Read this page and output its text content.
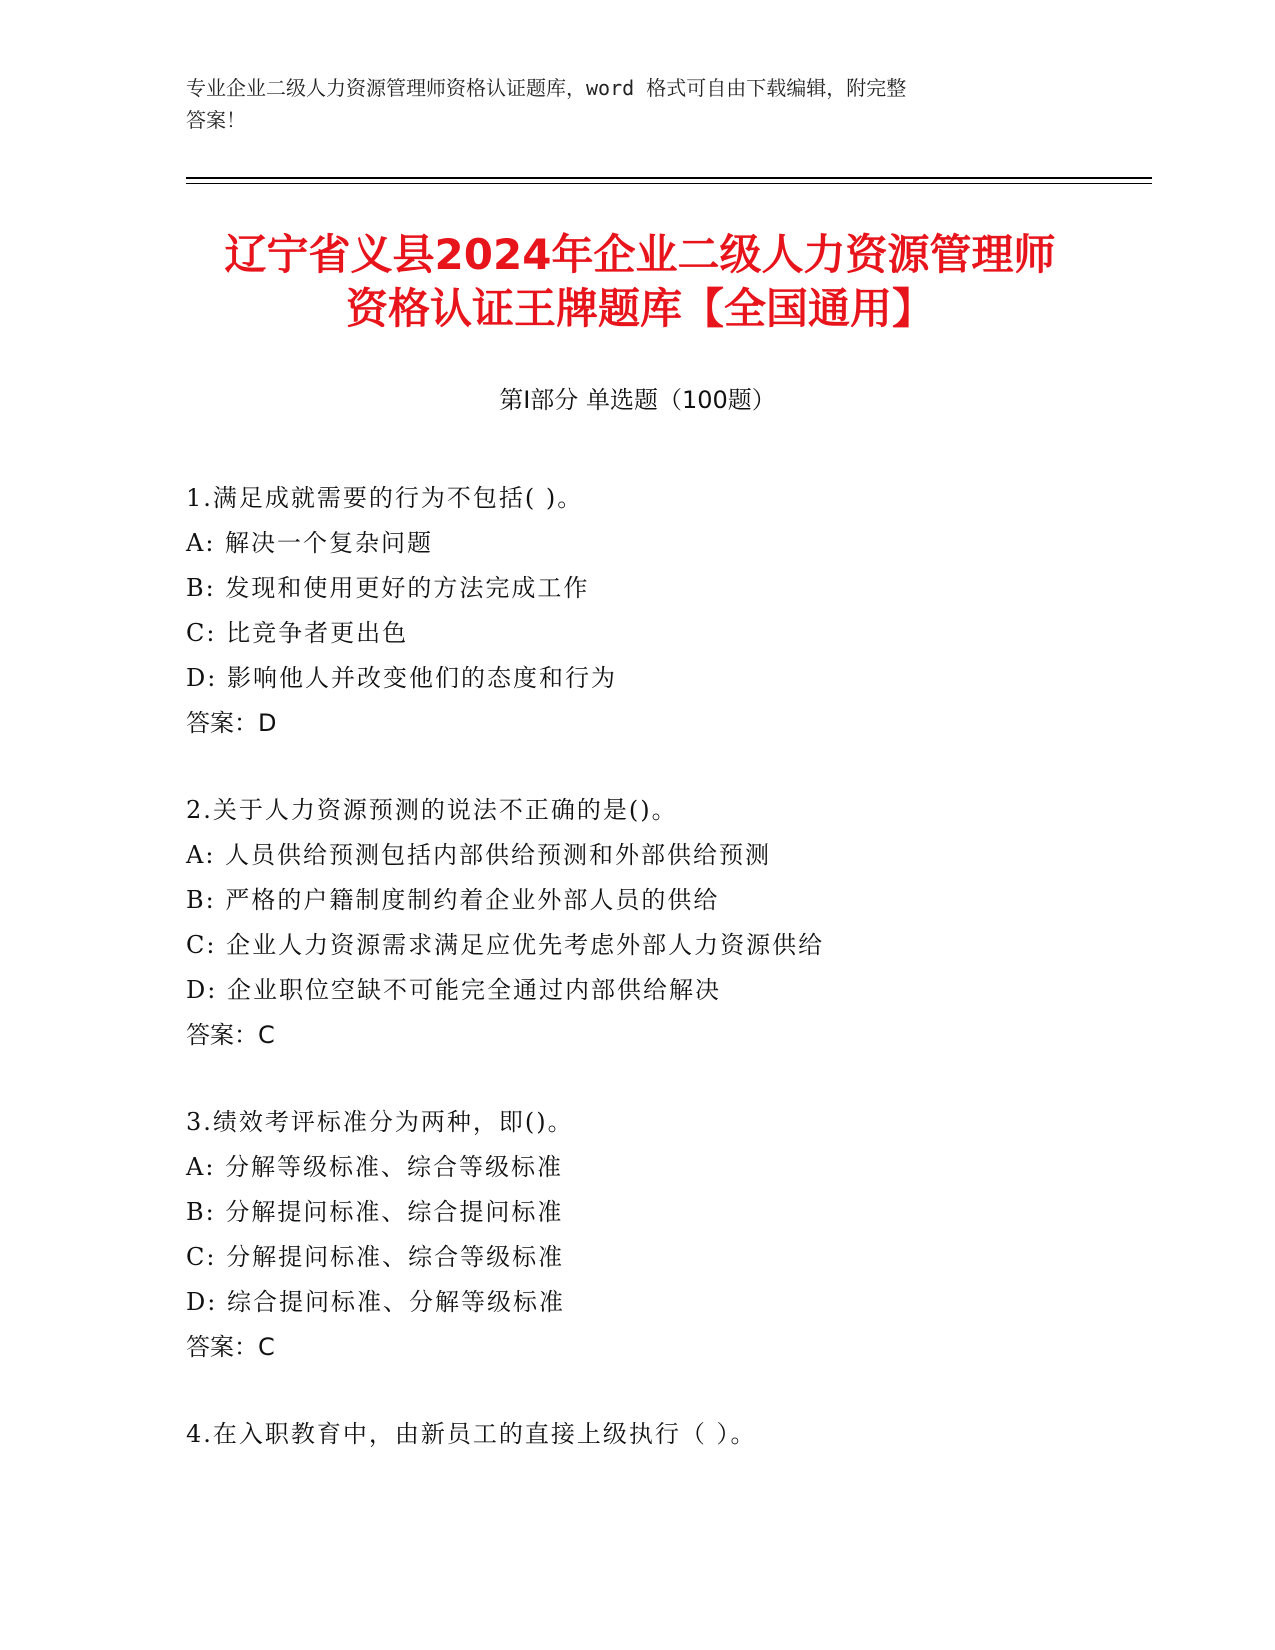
专业企业二级人力资源管理师资格认证题库，word 格式可自由下载编辑，附完整
答案！
辽宁省义县2024年企业二级人力资源管理师
资格认证王牌题库【全国通用】
第Ⅰ部分 单选题（100题）
1.满足成就需要的行为不包括( )。
A: 解决一个复杂问题
B: 发现和使用更好的方法完成工作
C: 比竞争者更出色
D: 影响他人并改变他们的态度和行为
答案：D
2.关于人力资源预测的说法不正确的是()。
A: 人员供给预测包括内部供给预测和外部供给预测
B: 严格的户籍制度制约着企业外部人员的供给
C: 企业人力资源需求满足应优先考虑外部人力资源供给
D: 企业职位空缺不可能完全通过内部供给解决
答案：C
3.绩效考评标准分为两种，即()。
A: 分解等级标准、综合等级标准
B: 分解提问标准、综合提问标准
C: 分解提问标准、综合等级标准
D: 综合提问标准、分解等级标准
答案：C
4.在入职教育中，由新员工的直接上级执行（ ）。
